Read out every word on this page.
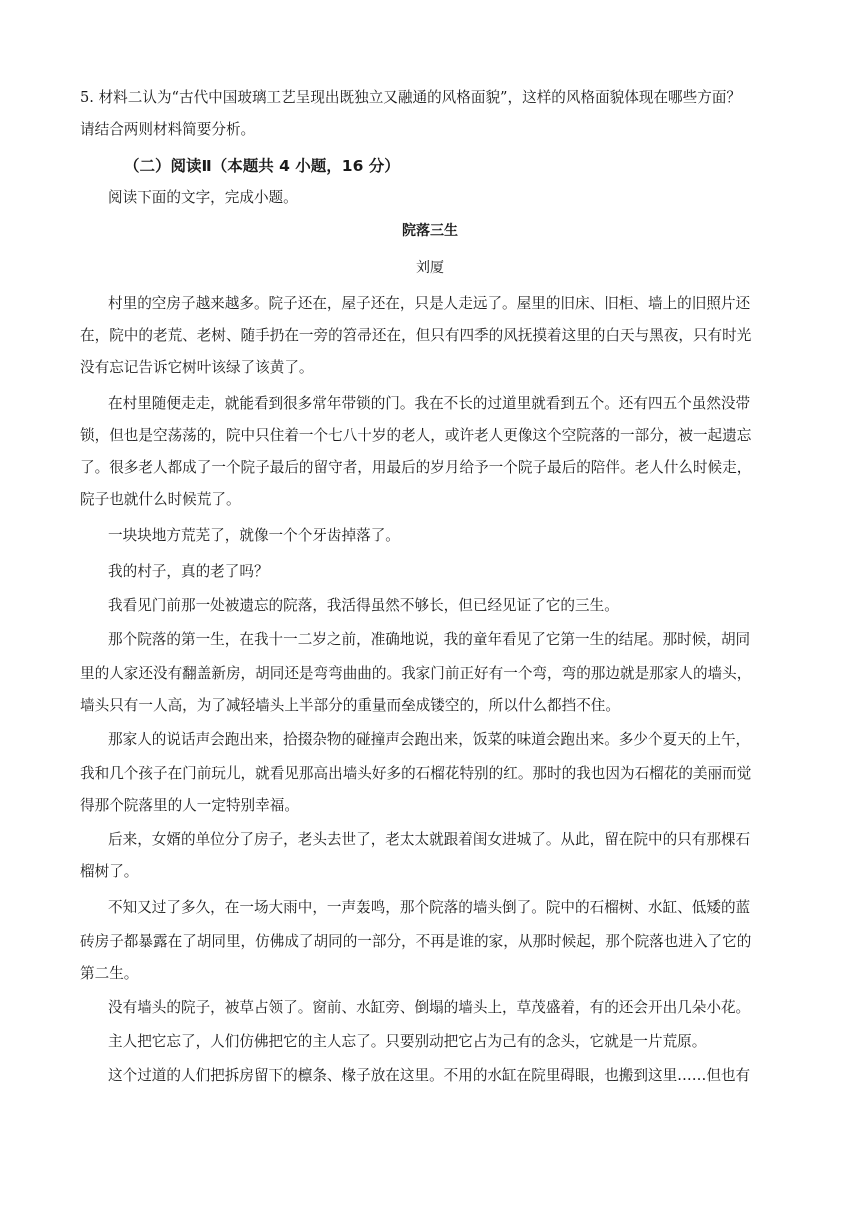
5. 材料二认为“古代中国玻璃工艺呈现出既独立又融通的风格面貌”，这样的风格面貌体现在哪些方面？
请结合两则材料简要分析。
（二）阅读Ⅱ（本题共 4 小题，16 分）
阅读下面的文字，完成小题。
院落三生
刘厦
村里的空房子越来越多。院子还在，屋子还在，只是人走远了。屋里的旧床、旧柜、墙上的旧照片还
在，院中的老荒、老树、随手扔在一旁的笤帚还在，但只有四季的风抚摸着这里的白天与黑夜，只有时光
没有忘记告诉它树叶该绿了该黄了。
在村里随便走走，就能看到很多常年带锁的门。我在不长的过道里就看到五个。还有四五个虽然没带
锁，但也是空荡荡的，院中只住着一个七八十岁的老人，或许老人更像这个空院落的一部分，被一起遗忘
了。很多老人都成了一个院子最后的留守者，用最后的岁月给予一个院子最后的陪伴。老人什么时候走，
院子也就什么时候荒了。
一块块地方荒芜了，就像一个个牙齿掉落了。
我的村子，真的老了吗？
我看见门前那一处被遗忘的院落，我活得虽然不够长，但已经见证了它的三生。
那个院落的第一生，在我十一二岁之前，准确地说，我的童年看见了它第一生的结尾。那时候，胡同
里的人家还没有翻盖新房，胡同还是弯弯曲曲的。我家门前正好有一个弯，弯的那边就是那家人的墙头，
墙头只有一人高，为了减轻墙头上半部分的重量而垒成镂空的，所以什么都挡不住。
那家人的说话声会跑出来，拾掇杂物的碰撞声会跑出来，饭菜的味道会跑出来。多少个夏天的上午，
我和几个孩子在门前玩儿，就看见那高出墙头好多的石榴花特别的红。那时的我也因为石榴花的美丽而觉
得那个院落里的人一定特别幸福。
后来，女婿的单位分了房子，老头去世了，老太太就跟着闺女进城了。从此，留在院中的只有那棵石
榴树了。
不知又过了多久，在一场大雨中，一声轰鸣，那个院落的墙头倒了。院中的石榴树、水缸、低矮的蓝
砖房子都暴露在了胡同里，仿佛成了胡同的一部分，不再是谁的家，从那时候起，那个院落也进入了它的
第二生。
没有墙头的院子，被草占领了。窗前、水缸旁、倒塌的墙头上，草茂盛着，有的还会开出几朵小花。
主人把它忘了，人们仿佛把它的主人忘了。只要别动把它占为己有的念头，它就是一片荒原。
这个过道的人们把拆房留下的檩条、椽子放在这里。不用的水缸在院里碍眼，也搬到这里……但也有
